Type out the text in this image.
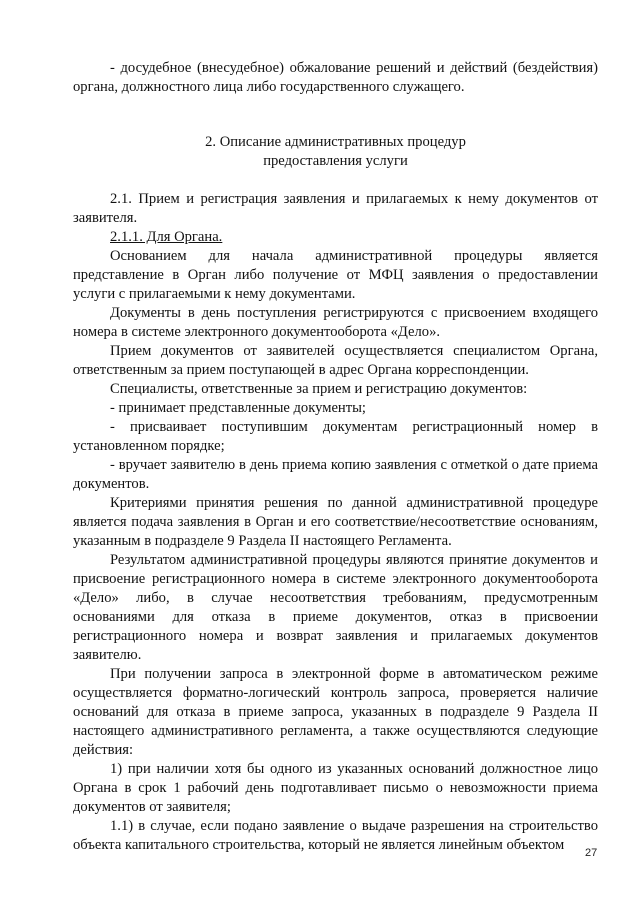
- досудебное (внесудебное) обжалование решений и действий (бездействия) органа, должностного лица либо государственного служащего.

2. Описание административных процедур

предоставления услуги

2.1. Прием и регистрация заявления и прилагаемых к нему документов от заявителя.

2.1.1. Для Органа.

Основанием для начала административной процедуры является представление в Орган либо получение от МФЦ заявления о предоставлении услуги с прилагаемыми к нему документами.

Документы в день поступления регистрируются с присвоением входящего номера в системе электронного документооборота «Дело».

Прием документов от заявителей осуществляется специалистом Органа, ответственным за прием поступающей в адрес Органа корреспонденции.

Специалисты, ответственные за прием и регистрацию документов:

- принимает представленные документы;

- присваивает поступившим документам регистрационный номер в установленном порядке;

- вручает заявителю в день приема копию заявления с отметкой о дате приема документов.

Критериями принятия решения по данной административной процедуре является подача заявления в Орган и его соответствие/несоответствие основаниям, указанным в подразделе 9 Раздела II настоящего Регламента.

Результатом административной процедуры являются принятие документов и присвоение регистрационного номера в системе электронного документооборота «Дело» либо, в случае несоответствия требованиям, предусмотренным основаниями для отказа в приеме документов, отказ в присвоении регистрационного номера и возврат заявления и прилагаемых документов заявителю.

При получении запроса в электронной форме в автоматическом режиме осуществляется форматно-логический контроль запроса, проверяется наличие оснований для отказа в приеме запроса, указанных в подразделе 9 Раздела II настоящего административного регламента, а также осуществляются следующие действия:

1) при наличии хотя бы одного из указанных оснований должностное лицо Органа в срок 1 рабочий день подготавливает письмо о невозможности приема документов от заявителя;

1.1) в случае, если подано заявление о выдаче разрешения на строительство объекта капитального строительства, который не является линейным объектом	27
